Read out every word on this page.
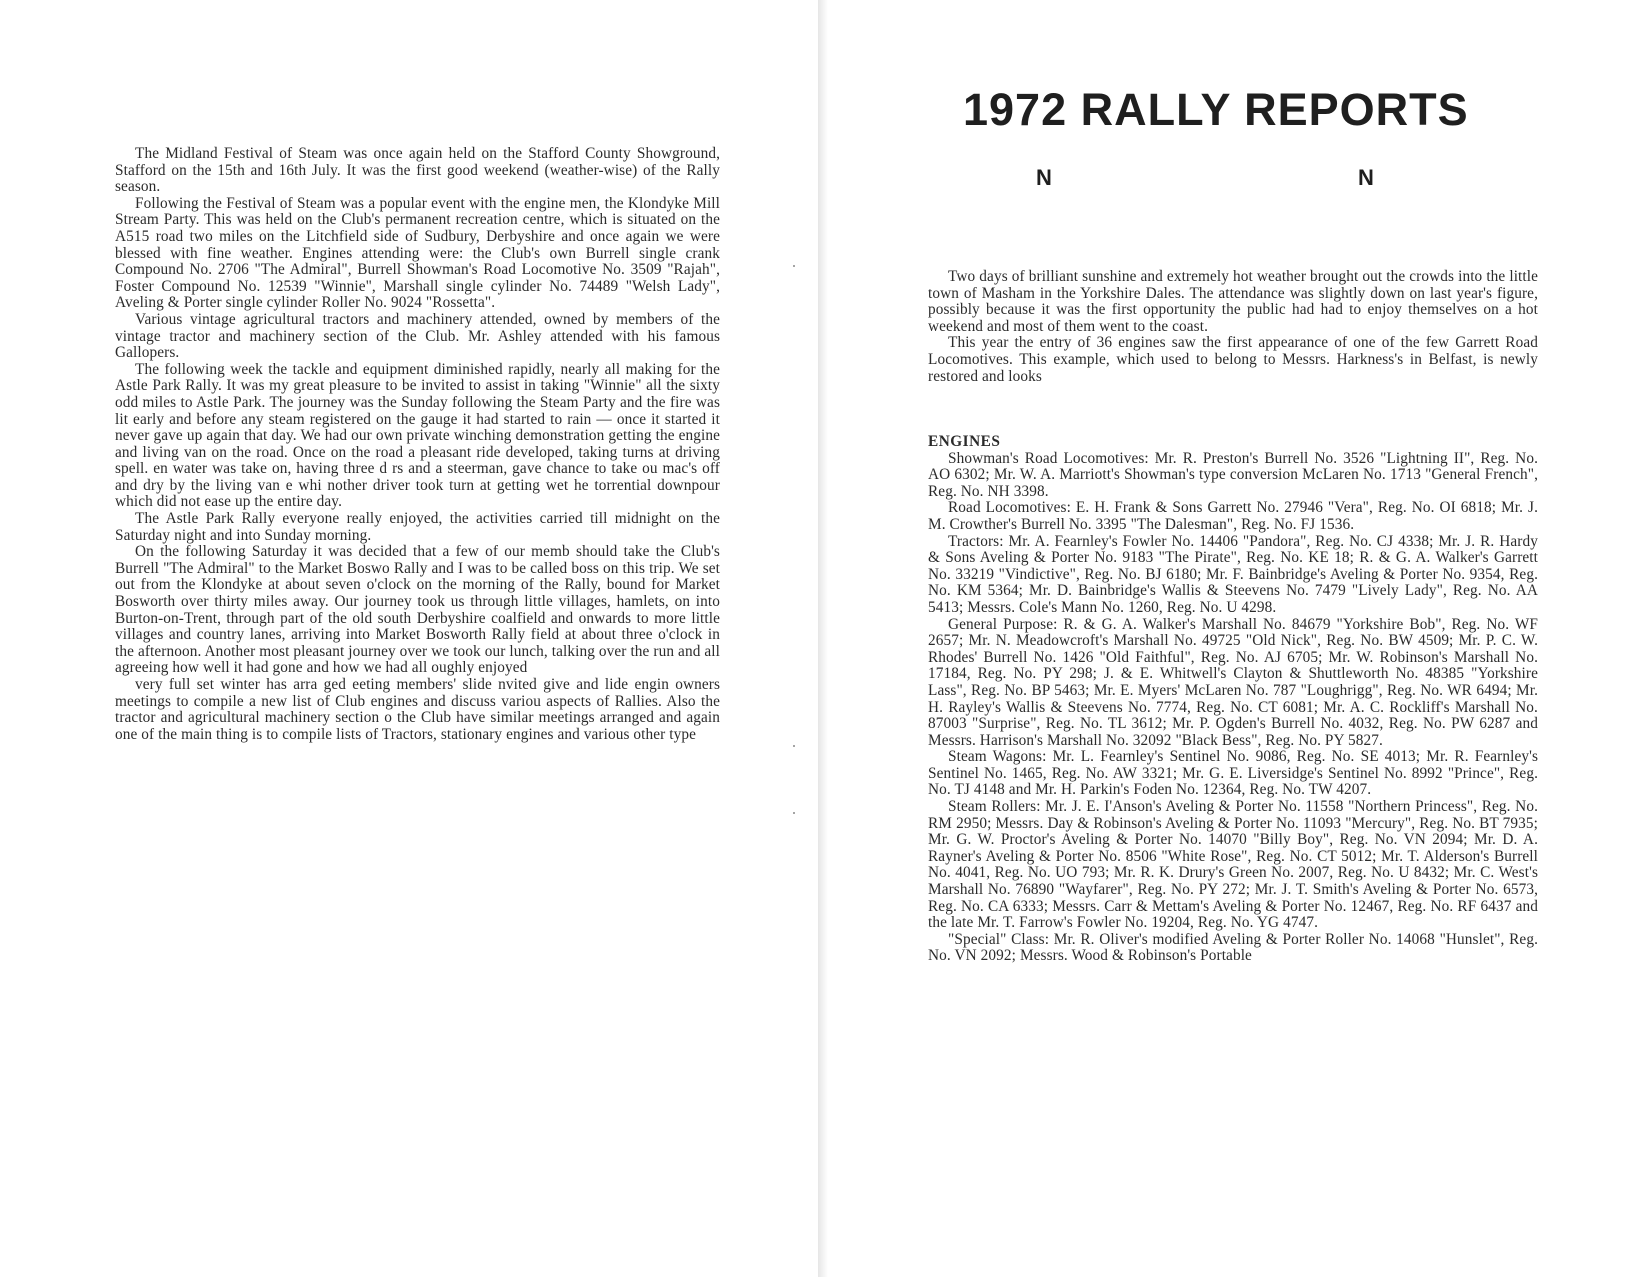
The Midland Festival of Steam was once again held on the Stafford County Showground, Stafford on the 15th and 16th July. It was the first good weekend (weather-wise) of the Rally season.

Following the Festival of Steam was a popular event with the engine men, the Klondyke Mill Stream Party. This was held on the Club's permanent recreation centre, which is situated on the A515 road two miles on the Litchfield side of Sudbury, Derbyshire and once again we were blessed with fine weather. Engines attending were: the Club's own Burrell single crank Compound No. 2706 "The Admiral", Burrell Showman's Road Locomotive No. 3509 "Rajah", Foster Compound No. 12539 "Winnie", Marshall single cylinder No. 74489 "Welsh Lady", Aveling & Porter single cylinder Roller No. 9024 "Rossetta".

Various vintage agricultural tractors and machinery attended, owned by members of the vintage tractor and machinery section of the Club. Mr. Ashley attended with his famous Gallopers.

The following week the tackle and equipment diminished rapidly, nearly all making for the Astle Park Rally. It was my great pleasure to be invited to assist in taking "Winnie" all the sixty odd miles to Astle Park. The journey was the Sunday following the Steam Party and the fire was lit early and before any steam registered on the gauge it had started to rain — once it started it never gave up again that day. We had our own private winching demonstration getting the engine and living van on the road. Once on the road a pleasant ride developed, taking turns at driving spell. en water was take on, having three d rs and a steerman, gave chance to take ou mac's off and dry by the living van e whi nother driver took turn at getting wet he torrential downpour which did not ease up the entire day.

The Astle Park Rally everyone really enjoyed, the activities carried till midnight on the Saturday night and into Sunday morning.

On the following Saturday it was decided that a few of our memb should take the Club's Burrell "The Admiral" to the Market Boswo Rally and I was to be called boss on this trip. We set out from the Klondyke at about seven o'clock on the morning of the Rally, bound for Market Bosworth over thirty miles away. Our journey took us through little villages, hamlets, on into Burton-on-Trent, through part of the old south Derbyshire coalfield and onwards to more little villages and country lanes, arriving into Market Bosworth Rally field at about three o'clock in the afternoon. Another most pleasant journey over we took our lunch, talking over the run and all agreeing how well it had gone and how we had all oughly enjoyed

very full set winter has arra ged eeting members' slide nvited give and lide engin owners meetings to compile a new list of Club engines and discuss variou aspects of Rallies. Also the tractor and agricultural machinery section o the Club have similar meetings arranged and again one of the main thing is to compile lists of Tractors, stationary engines and various other type

1972 RALLY REPORTS
N	N

Two days of brilliant sunshine and extremely hot weather brought out the crowds into the little town of Masham in the Yorkshire Dales. The attendance was slightly down on last year's figure, possibly because it was the first opportunity the public had had to enjoy themselves on a hot weekend and most of them went to the coast.

This year the entry of 36 engines saw the first appearance of one of the few Garrett Road Locomotives. This example, which used to belong to Messrs. Harkness's in Belfast, is newly restored and looks

ENGINES

Showman's Road Locomotives: Mr. R. Preston's Burrell No. 3526 "Lightning II", Reg. No. AO 6302; Mr. W. A. Marriott's Showman's type conversion McLaren No. 1713 "General French", Reg. No. NH 3398.

Road Locomotives: E. H. Frank & Sons Garrett No. 27946 "Vera", Reg. No. OI 6818; Mr. J. M. Crowther's Burrell No. 3395 "The Dalesman", Reg. No. FJ 1536.

Tractors: Mr. A. Fearnley's Fowler No. 14406 "Pandora", Reg. No. CJ 4338; Mr. J. R. Hardy & Sons Aveling & Porter No. 9183 "The Pirate", Reg. No. KE 18; R. & G. A. Walker's Garrett No. 33219 "Vindictive", Reg. No. BJ 6180; Mr. F. Bainbridge's Aveling & Porter No. 9354, Reg. No. KM 5364; Mr. D. Bainbridge's Wallis & Steevens No. 7479 "Lively Lady", Reg. No. AA 5413; Messrs. Cole's Mann No. 1260, Reg. No. U 4298.

General Purpose: R. & G. A. Walker's Marshall No. 84679 "Yorkshire Bob", Reg. No. WF 2657; Mr. N. Meadowcroft's Marshall No. 49725 "Old Nick", Reg. No. BW 4509; Mr. P. C. W. Rhodes' Burrell No. 1426 "Old Faithful", Reg. No. AJ 6705; Mr. W. Robinson's Marshall No. 17184, Reg. No. PY 298; J. & E. Whitwell's Clayton & Shuttleworth No. 48385 "Yorkshire Lass", Reg. No. BP 5463; Mr. E. Myers' McLaren No. 787 "Loughrigg", Reg. No. WR 6494; Mr. H. Rayley's Wallis & Steevens No. 7774, Reg. No. CT 6081; Mr. A. C. Rockliff's Marshall No. 87003 "Surprise", Reg. No. TL 3612; Mr. P. Ogden's Burrell No. 4032, Reg. No. PW 6287 and Messrs. Harrison's Marshall No. 32092 "Black Bess", Reg. No. PY 5827.

Steam Wagons: Mr. L. Fearnley's Sentinel No. 9086, Reg. No. SE 4013; Mr. R. Fearnley's Sentinel No. 1465, Reg. No. AW 3321; Mr. G. E. Liversidge's Sentinel No. 8992 "Prince", Reg. No. TJ 4148 and Mr. H. Parkin's Foden No. 12364, Reg. No. TW 4207.

Steam Rollers: Mr. J. E. I'Anson's Aveling & Porter No. 11558 "Northern Princess", Reg. No. RM 2950; Messrs. Day & Robinson's Aveling & Porter No. 11093 "Mercury", Reg. No. BT 7935; Mr. G. W. Proctor's Aveling & Porter No. 14070 "Billy Boy", Reg. No. VN 2094; Mr. D. A. Rayner's Aveling & Porter No. 8506 "White Rose", Reg. No. CT 5012; Mr. T. Alderson's Burrell No. 4041, Reg. No. UO 793; Mr. R. K. Drury's Green No. 2007, Reg. No. U 8432; Mr. C. West's Marshall No. 76890 "Wayfarer", Reg. No. PY 272; Mr. J. T. Smith's Aveling & Porter No. 6573, Reg. No. CA 6333; Messrs. Carr & Mettam's Aveling & Porter No. 12467, Reg. No. RF 6437 and the late Mr. T. Farrow's Fowler No. 19204, Reg. No. YG 4747.

"Special" Class: Mr. R. Oliver's modified Aveling & Porter Roller No. 14068 "Hunslet", Reg. No. VN 2092; Messrs. Wood & Robinson's Portable
